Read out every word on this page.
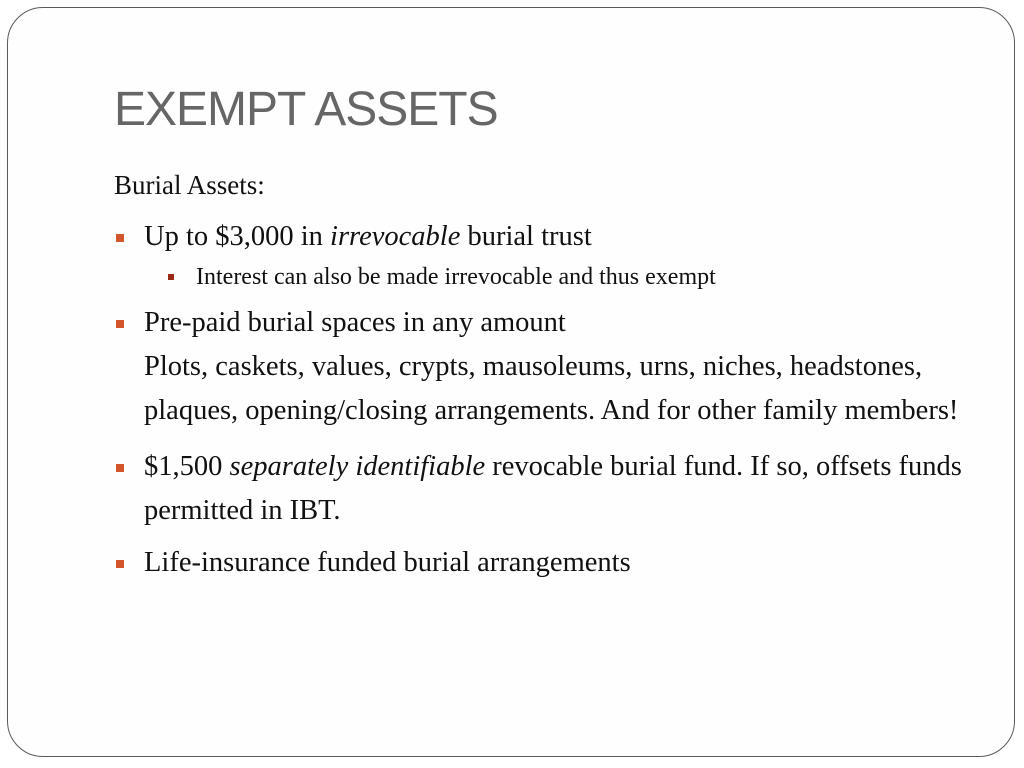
EXEMPT ASSETS

Burial Assets:

Up to $3,000 in irrevocable burial trust
Interest can also be made irrevocable and thus exempt
Pre-paid burial spaces in any amount

Plots, caskets, values, crypts, mausoleums, urns, niches, headstones, plaques, opening/closing arrangements. And for other family members!

$1,500 separately identifiable revocable burial fund. If so, offsets funds permitted in IBT.
Life-insurance funded burial arrangements
